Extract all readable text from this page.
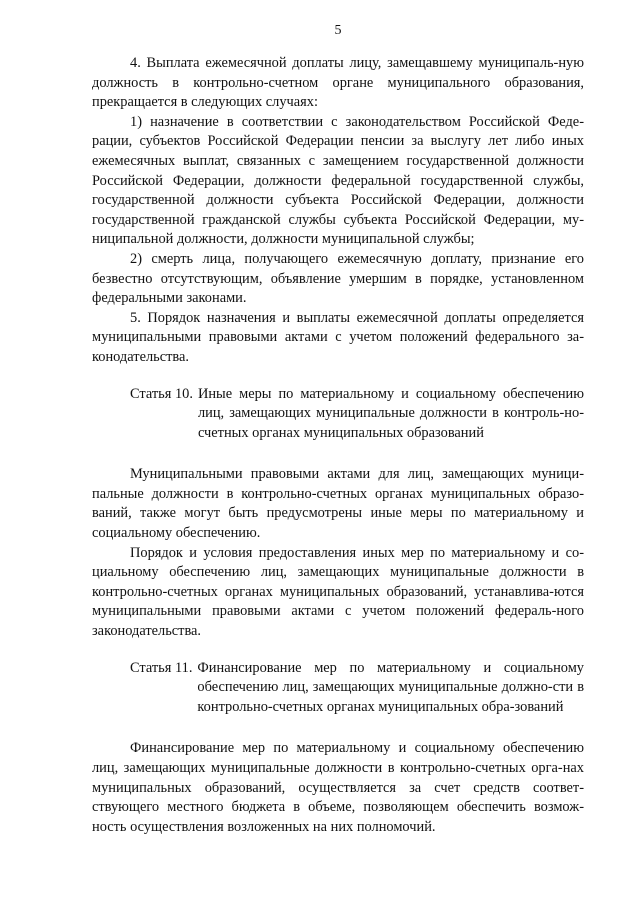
5

4. Выплата ежемесячной доплаты лицу, замещавшему муниципаль-ную должность в контрольно-счетном органе муниципального образования, прекращается в следующих случаях:

1) назначение в соответствии с законодательством Российской Феде-рации, субъектов Российской Федерации пенсии за выслугу лет либо иных ежемесячных выплат, связанных с замещением государственной должности Российской Федерации, должности федеральной государственной службы, государственной должности субъекта Российской Федерации, должности государственной гражданской службы субъекта Российской Федерации, му-ниципальной должности, должности муниципальной службы;

2) смерть лица, получающего ежемесячную доплату, признание его безвестно отсутствующим, объявление умершим в порядке, установленном федеральными законами.

5. Порядок назначения и выплаты ежемесячной доплаты определяется муниципальными правовыми актами с учетом положений федерального за-конодательства.

Статья 10. Иные меры по материальному и социальному обеспечению лиц, замещающих муниципальные должности в контроль-но-счетных органах муниципальных образований

Муниципальными правовыми актами для лиц, замещающих муници-пальные должности в контрольно-счетных органах муниципальных образо-ваний, также могут быть предусмотрены иные меры по материальному и социальному обеспечению.

Порядок и условия предоставления иных мер по материальному и со-циальному обеспечению лиц, замещающих муниципальные должности в контрольно-счетных органах муниципальных образований, устанавлива-ются муниципальными правовыми актами с учетом положений федераль-ного законодательства.

Статья 11. Финансирование мер по материальному и социальному обеспечению лиц, замещающих муниципальные должно-сти в контрольно-счетных органах муниципальных обра-зований

Финансирование мер по материальному и социальному обеспечению лиц, замещающих муниципальные должности в контрольно-счетных орга-нах муниципальных образований, осуществляется за счет средств соответ-ствующего местного бюджета в объеме, позволяющем обеспечить возмож-ность осуществления возложенных на них полномочий.
